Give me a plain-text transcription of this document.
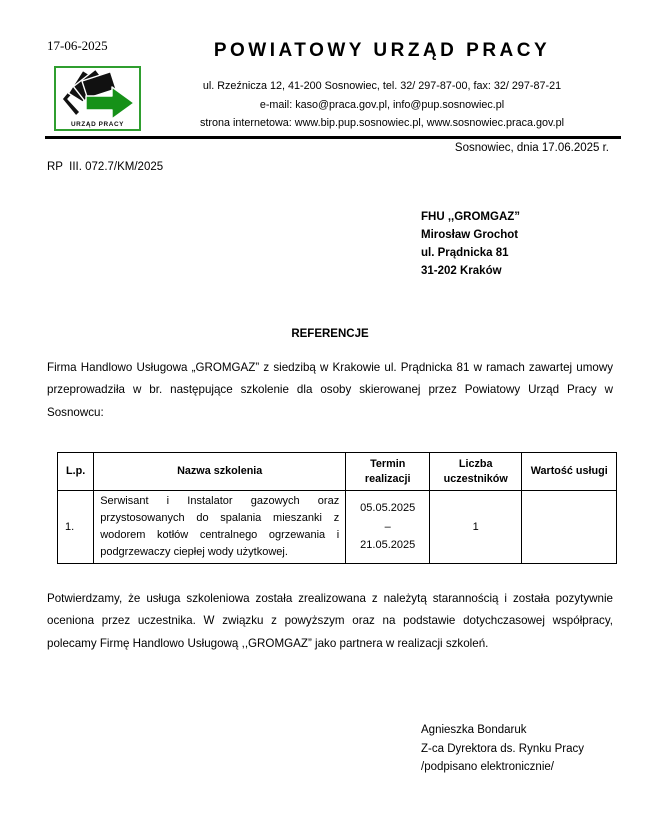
17-06-2025
URZĄD PRACY
POWIATOWY URZĄD PRACY
ul. Rzeźnicza 12, 41-200 Sosnowiec, tel. 32/ 297-87-00, fax: 32/ 297-87-21
e-mail: kaso@praca.gov.pl, info@pup.sosnowiec.pl
strona internetowa: www.bip.pup.sosnowiec.pl, www.sosnowiec.praca.gov.pl
Sosnowiec, dnia 17.06.2025 r.
RP  III. 072.7/KM/2025
FHU ,,GROMGAZ”
Mirosław Grochot
ul. Prądnicka 81
31-202 Kraków
REFERENCJE

Firma Handlowo Usługowa „GROMGAZ” z siedzibą w Krakowie ul. Prądnicka 81 w ramach zawartej umowy przeprowadziła w br. następujące szkolenie dla osoby skierowanej przez Powiatowy Urząd Pracy w Sosnowcu:

L.p.	Nazwa szkolenia	Termin realizacji	Liczba uczestników	Wartość usługi
1.	Serwisant i Instalator gazowych oraz przystosowanych do spalania mieszanki z wodorem kotłów centralnego ogrzewania i podgrzewaczy ciepłej wody użytkowej.	05.05.2025
–
21.05.2025	1	

Potwierdzamy, że usługa szkoleniowa została zrealizowana z należytą starannością i została pozytywnie oceniona przez uczestnika. W związku z powyższym oraz na podstawie dotychczasowej współpracy, polecamy Firmę Handlowo Usługową ,,GROMGAZ” jako partnera w realizacji szkoleń.

Agnieszka Bondaruk
Z-ca Dyrektora ds. Rynku Pracy
/podpisano elektronicznie/
